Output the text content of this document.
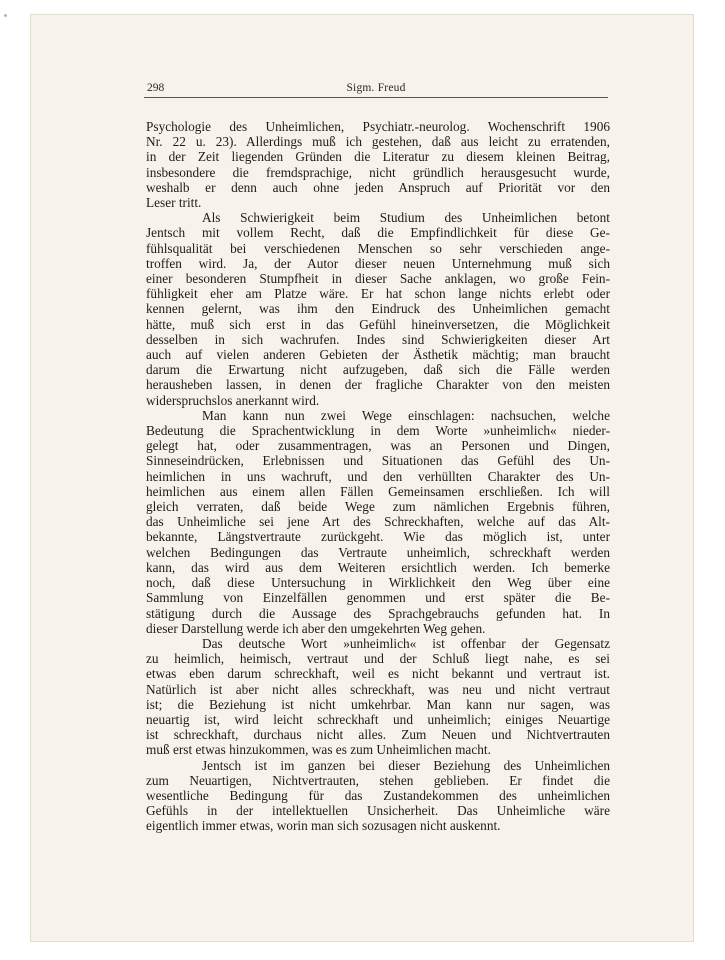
298	Sigm. Freud

Psychologie des Unheimlichen, Psychiatr.-neurolog. Wochenschrift 1906
Nr. 22 u. 23). Allerdings muß ich gestehen, daß aus leicht zu erratenden,
in der Zeit liegenden Gründen die Literatur zu diesem kleinen Beitrag,
insbesondere die fremdsprachige, nicht gründlich herausgesucht wurde,
weshalb er denn auch ohne jeden Anspruch auf Priorität vor den
Leser tritt.

Als Schwierigkeit beim Studium des Unheimlichen betont
Jentsch mit vollem Recht, daß die Empfindlichkeit für diese Ge-
fühlsqualität bei verschiedenen Menschen so sehr verschieden ange-
troffen wird. Ja, der Autor dieser neuen Unternehmung muß sich
einer besonderen Stumpfheit in dieser Sache anklagen, wo große Fein-
fühligkeit eher am Platze wäre. Er hat schon lange nichts erlebt oder
kennen gelernt, was ihm den Eindruck des Unheimlichen gemacht
hätte, muß sich erst in das Gefühl hineinversetzen, die Möglichkeit
desselben in sich wachrufen. Indes sind Schwierigkeiten dieser Art
auch auf vielen anderen Gebieten der Ästhetik mächtig; man braucht
darum die Erwartung nicht aufzugeben, daß sich die Fälle werden
herausheben lassen, in denen der fragliche Charakter von den meisten
widerspruchslos anerkannt wird.

Man kann nun zwei Wege einschlagen: nachsuchen, welche
Bedeutung die Sprachentwicklung in dem Worte »unheimlich« nieder-
gelegt hat, oder zusammentragen, was an Personen und Dingen,
Sinneseindrücken, Erlebnissen und Situationen das Gefühl des Un-
heimlichen in uns wachruft, und den verhüllten Charakter des Un-
heimlichen aus einem allen Fällen Gemeinsamen erschließen. Ich will
gleich verraten, daß beide Wege zum nämlichen Ergebnis führen,
das Unheimliche sei jene Art des Schreckhaften, welche auf das Alt-
bekannte, Längstvertraute zurückgeht. Wie das möglich ist, unter
welchen Bedingungen das Vertraute unheimlich, schreckhaft werden
kann, das wird aus dem Weiteren ersichtlich werden. Ich bemerke
noch, daß diese Untersuchung in Wirklichkeit den Weg über eine
Sammlung von Einzelfällen genommen und erst später die Be-
stätigung durch die Aussage des Sprachgebrauchs gefunden hat. In
dieser Darstellung werde ich aber den umgekehrten Weg gehen.

Das deutsche Wort »unheimlich« ist offenbar der Gegensatz
zu heimlich, heimisch, vertraut und der Schluß liegt nahe, es sei
etwas eben darum schreckhaft, weil es nicht bekannt und vertraut ist.
Natürlich ist aber nicht alles schreckhaft, was neu und nicht vertraut
ist; die Beziehung ist nicht umkehrbar. Man kann nur sagen, was
neuartig ist, wird leicht schreckhaft und unheimlich; einiges Neuartige
ist schreckhaft, durchaus nicht alles. Zum Neuen und Nichtvertrauten
muß erst etwas hinzukommen, was es zum Unheimlichen macht.

Jentsch ist im ganzen bei dieser Beziehung des Unheimlichen
zum Neuartigen, Nichtvertrauten, stehen geblieben. Er findet die
wesentliche Bedingung für das Zustandekommen des unheimlichen
Gefühls in der intellektuellen Unsicherheit. Das Unheimliche wäre
eigentlich immer etwas, worin man sich sozusagen nicht auskennt.
